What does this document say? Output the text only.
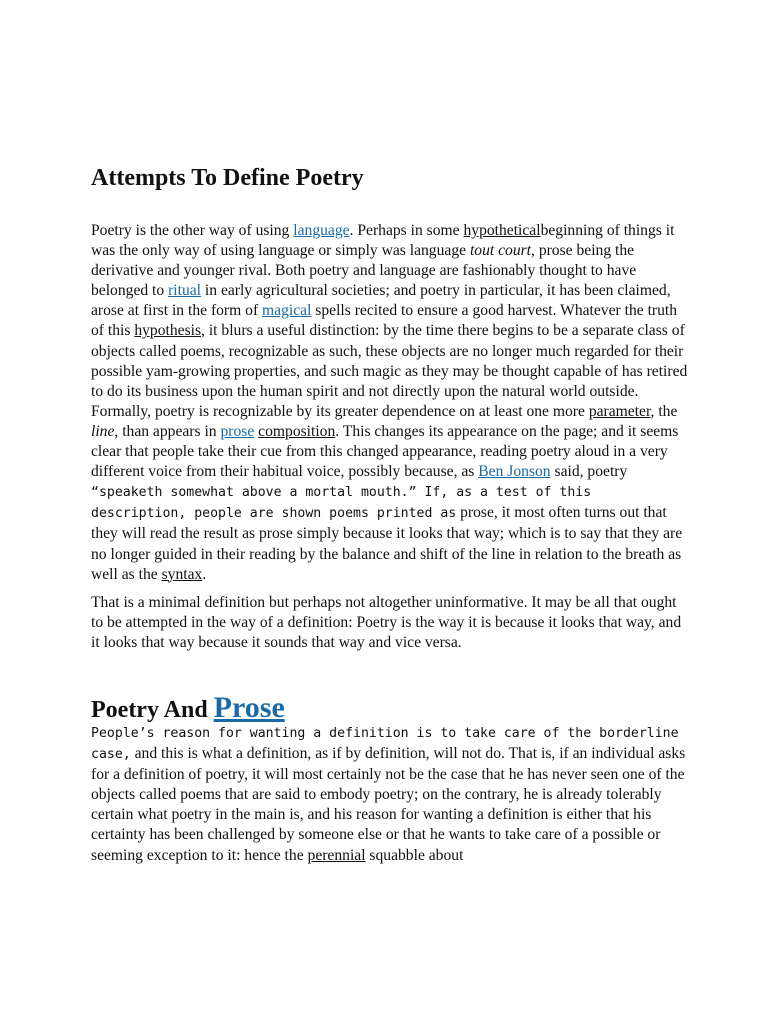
Attempts To Define Poetry

Poetry is the other way of using language. Perhaps in some hypotheticalbeginning of things it was the only way of using language or simply was language tout court, prose being the derivative and younger rival. Both poetry and language are fashionably thought to have belonged to ritual in early agricultural societies; and poetry in particular, it has been claimed, arose at first in the form of magical spells recited to ensure a good harvest. Whatever the truth of this hypothesis, it blurs a useful distinction: by the time there begins to be a separate class of objects called poems, recognizable as such, these objects are no longer much regarded for their possible yam-growing properties, and such magic as they may be thought capable of has retired to do its business upon the human spirit and not directly upon the natural world outside.

Formally, poetry is recognizable by its greater dependence on at least one more parameter, the line, than appears in prose composition. This changes its appearance on the page; and it seems clear that people take their cue from this changed appearance, reading poetry aloud in a very different voice from their habitual voice, possibly because, as Ben Jonson said, poetry “speaketh somewhat above a mortal mouth.” If, as a test of this description, people are shown poems printed as prose, it most often turns out that they will read the result as prose simply because it looks that way; which is to say that they are no longer guided in their reading by the balance and shift of the line in relation to the breath as well as the syntax.

That is a minimal definition but perhaps not altogether uninformative. It may be all that ought to be attempted in the way of a definition: Poetry is the way it is because it looks that way, and it looks that way because it sounds that way and vice versa.

Poetry And Prose

People’s reason for wanting a definition is to take care of the borderline case, and this is what a definition, as if by definition, will not do. That is, if an individual asks for a definition of poetry, it will most certainly not be the case that he has never seen one of the objects called poems that are said to embody poetry; on the contrary, he is already tolerably certain what poetry in the main is, and his reason for wanting a definition is either that his certainty has been challenged by someone else or that he wants to take care of a possible or seeming exception to it: hence the perennial squabble about
